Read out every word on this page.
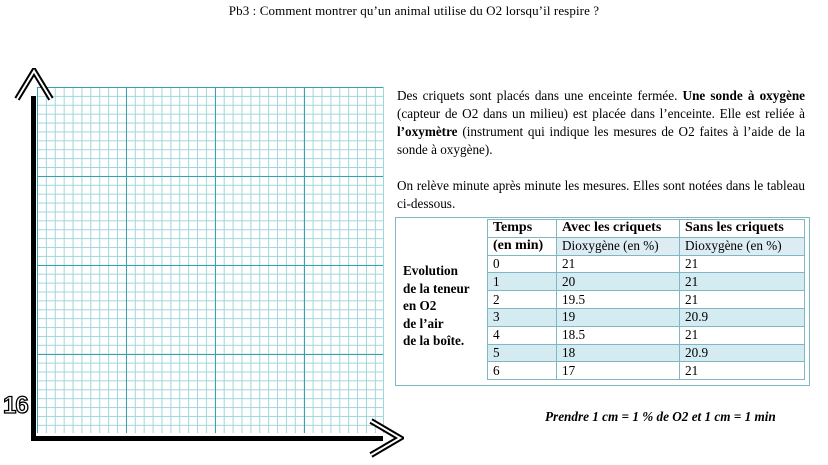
Pb3 : Comment montrer qu’un animal utilise du O2 lorsqu’il respire ?
16

Des criquets sont placés dans une enceinte fermée. Une sonde à oxygène (capteur de O2 dans un milieu) est placée dans l’enceinte. Elle est reliée à l’oxymètre (instrument qui indique les mesures de O2 faites à l’aide de la sonde à oxygène).

On relève minute après minute les mesures. Elles sont notées dans le tableau ci-dessous.

Evolution
de la teneur
en O2
de l’air
de la boîte.
Temps	Avec les criquets	Sans les criquets
(en min)	Dioxygène (en %)	Dioxygène (en %)
0	21	21
1	20	21
2	19.5	21
3	19	20.9
4	18.5	21
5	18	20.9
6	17	21
Prendre 1 cm = 1 % de O2 et 1 cm = 1 min
